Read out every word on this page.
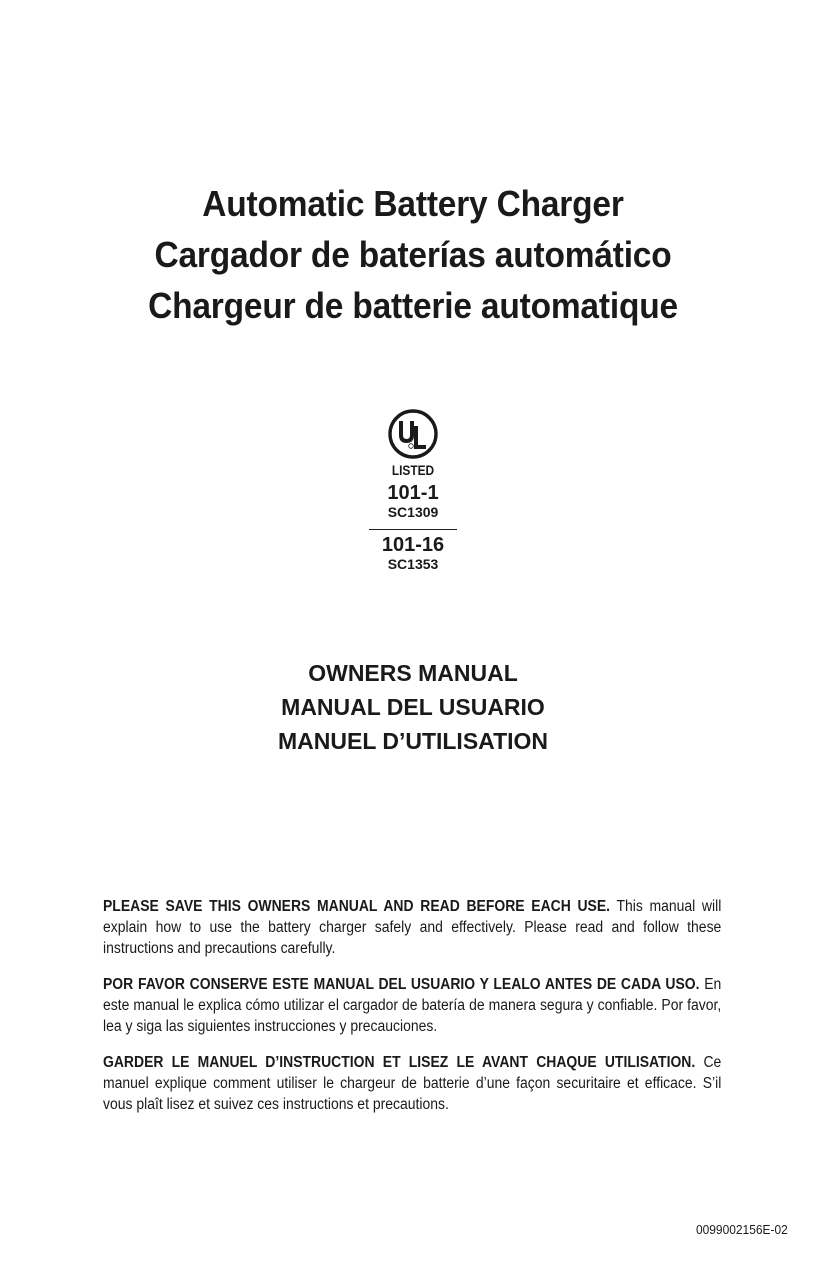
Automatic Battery Charger
Cargador de baterías automático
Chargeur de batterie automatique
LISTED
101-1
SC1309
101-16
SC1353
OWNERS MANUAL
MANUAL DEL USUARIO
MANUEL D’UTILISATION

PLEASE SAVE THIS OWNERS MANUAL AND READ BEFORE EACH USE. This manual will explain how to use the battery charger safely and effectively. Please read and follow these instructions and precautions carefully.

POR FAVOR CONSERVE ESTE MANUAL DEL USUARIO Y LEALO ANTES DE CADA USO. En este manual le explica cómo utilizar el cargador de batería de manera segura y confiable. Por favor, lea y siga las siguientes instrucciones y precauciones.

GARDER LE MANUEL D’INSTRUCTION ET LISEZ LE AVANT CHAQUE UTILISATION. Ce manuel explique comment utiliser le chargeur de batterie d’une façon securitaire et efficace. S’il vous plaît lisez et suivez ces instructions et precautions.

0099002156E-02
